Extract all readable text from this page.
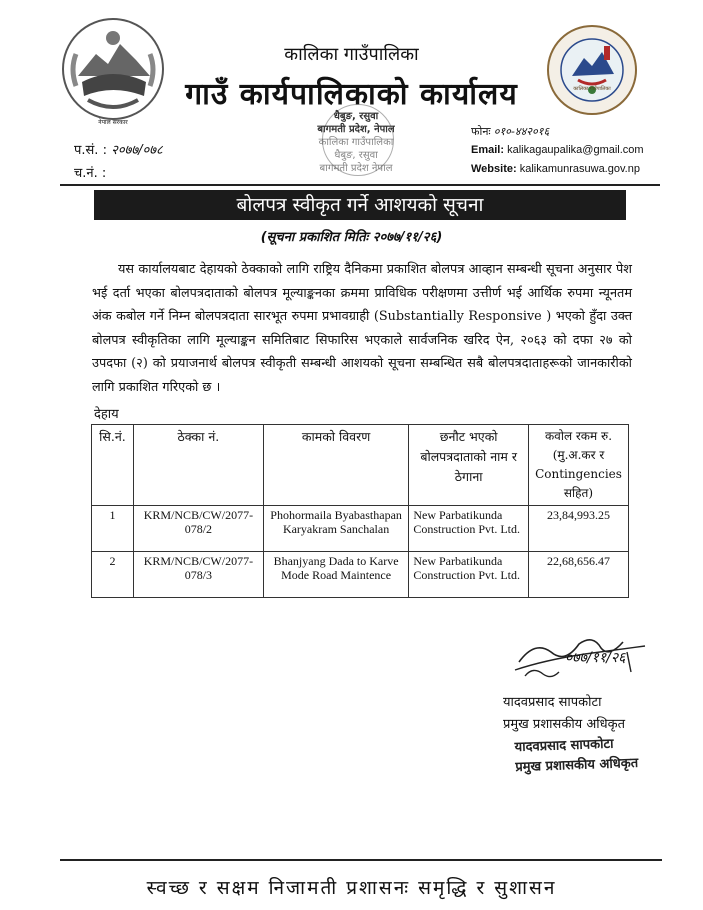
नेपाल सरकार
कालिका गाउँपालिका
कालिका गाउँपालिका
गाउँ कार्यपालिकाको कार्यालय
प.सं. : २०७७/०७८
च.नं. :
धैबुङ, रसुवा
बागमती प्रदेश, नेपाल
कालिका गाउँपालिका
धैबुङ, रसुवा
बागमती प्रदेश नेपाल
फोनः ०१०-४४२०१६
Email: kalikagaupalika@gmail.com
Website: kalikamunrasuwa.gov.np
बोलपत्र स्वीकृत गर्ने आशयको सूचना
(सूचना प्रकाशित मितिः २०७७/११/२६)
यस कार्यालयबाट देहायको ठेक्काको लागि राष्ट्रिय दैनिकमा प्रकाशित बोलपत्र आव्हान सम्बन्धी सूचना अनुसार पेश भई दर्ता भएका बोलपत्रदाताको बोलपत्र मूल्याङ्कनका क्रममा प्राविधिक परीक्षणमा उत्तीर्ण भई आर्थिक रुपमा न्यूनतम अंक कबोल गर्ने निम्न बोलपत्रदाता सारभूत रुपमा प्रभावग्राही (Substantially Responsive ) भएको हुँदा उक्त बोलपत्र स्वीकृतिका लागि मूल्याङ्कन समितिबाट सिफारिस भएकाले सार्वजनिक खरिद ऐन, २०६३ को दफा २७ को उपदफा (२) को प्रयाजनार्थ बोलपत्र स्वीकृती सम्बन्धी आशयको सूचना सम्बन्धित सबै बोलपत्रदाताहरूको जानकारीको लागि प्रकाशित गरिएको छ ।
देहाय
सि.नं.	ठेक्का नं.	कामको विवरण	छनौट भएको बोलपत्रदाताको नाम र ठेगाना	कवोल रकम रु. (मु.अ.कर र Contingencies सहित)
1	KRM/NCB/CW/2077-078/2	Phohormaila Byabasthapan Karyakram Sanchalan	New Parbatikunda Construction Pvt. Ltd.	23,84,993.25
2	KRM/NCB/CW/2077-078/3	Bhanjyang Dada to Karve Mode Road Maintence	New Parbatikunda Construction Pvt. Ltd.	22,68,656.47
०७७/११/२६
यादवप्रसाद सापकोटा
प्रमुख प्रशासकीय अधिकृत
यादवप्रसाद सापकोटा
प्रमुख प्रशासकीय अधिकृत
स्वच्छ र सक्षम निजामती प्रशासनः समृद्धि र सुशासन
